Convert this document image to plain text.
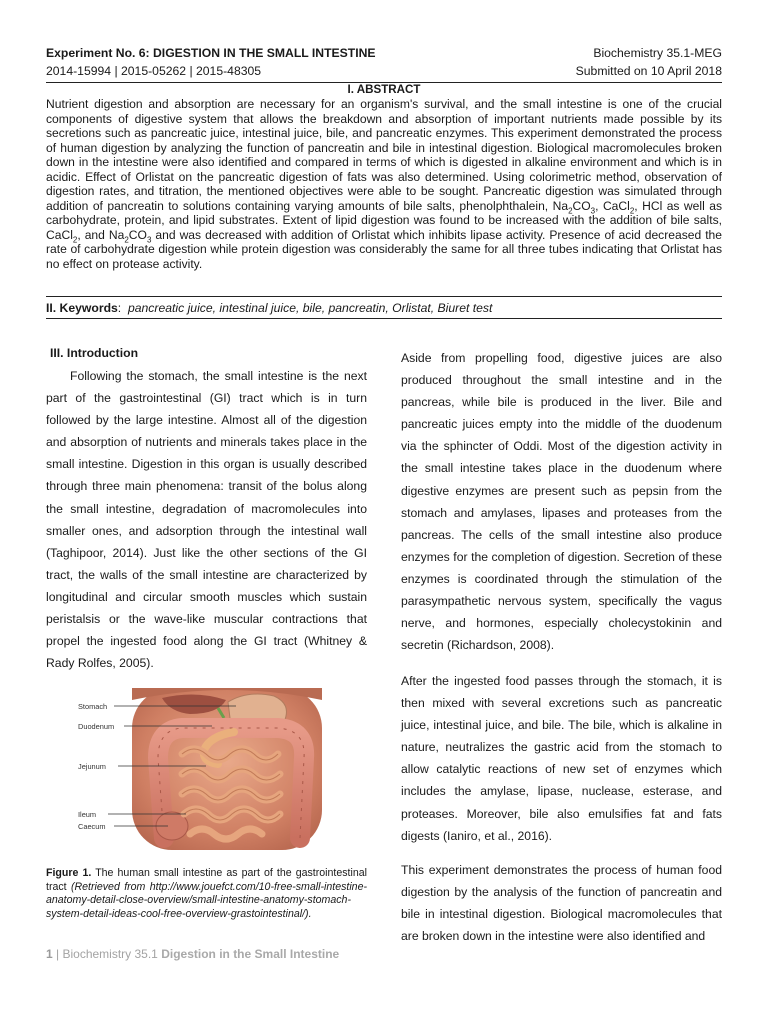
Experiment No. 6: DIGESTION IN THE SMALL INTESTINE	Biochemistry 35.1-MEG
2014-15994 | 2015-05262 | 2015-48305	Submitted on 10 April 2018
I. ABSTRACT

Nutrient digestion and absorption are necessary for an organism's survival, and the small intestine is one of the crucial components of digestive system that allows the breakdown and absorption of important nutrients made possible by its secretions such as pancreatic juice, intestinal juice, bile, and pancreatic enzymes. This experiment demonstrated the process of human digestion by analyzing the function of pancreatin and bile in intestinal digestion. Biological macromolecules broken down in the intestine were also identified and compared in terms of which is digested in alkaline environment and which is in acidic. Effect of Orlistat on the pancreatic digestion of fats was also determined. Using colorimetric method, observation of digestion rates, and titration, the mentioned objectives were able to be sought. Pancreatic digestion was simulated through addition of pancreatin to solutions containing varying amounts of bile salts, phenolphthalein, $Na_2CO_3$, CaCl$_2$, HCl as well as carbohydrate, protein, and lipid substrates. Extent of lipid digestion was found to be increased with the addition of bile salts, CaCl$_2$, and $Na_2CO_3$ and was decreased with addition of Orlistat which inhibits lipase activity. Presence of acid decreased the rate of carbohydrate digestion while protein digestion was considerably the same for all three tubes indicating that Orlistat has no effect on protease activity.

II. Keywords: pancreatic juice, intestinal juice, bile, pancreatin, Orlistat, Biuret test
III. Introduction

Following the stomach, the small intestine is the next part of the gastrointestinal (GI) tract which is in turn followed by the large intestine. Almost all of the digestion and absorption of nutrients and minerals takes place in the small intestine. Digestion in this organ is usually described through three main phenomena: transit of the bolus along the small intestine, degradation of macromolecules into smaller ones, and adsorption through the intestinal wall (Taghipoor, 2014). Just like the other sections of the GI tract, the walls of the small intestine are characterized by longitudinal and circular smooth muscles which sustain peristalsis or the wave-like muscular contractions that propel the ingested food along the GI tract (Whitney & Rady Rolfes, 2005).

Stomach
Duodenum
Jejunum
Ileum
Caecum

Figure 1. The human small intestine as part of the gastrointestinal tract (Retrieved from http://www.jouefct.com/10-free-small-intestine-anatomy-detail-close-overview/small-intestine-anatomy-stomach-system-detail-ideas-cool-free-overview-grastointestinal/).

1 | Biochemistry 35.1 Digestion in the Small Intestine

Aside from propelling food, digestive juices are also produced throughout the small intestine and in the pancreas, while bile is produced in the liver. Bile and pancreatic juices empty into the middle of the duodenum via the sphincter of Oddi. Most of the digestion activity in the small intestine takes place in the duodenum where digestive enzymes are present such as pepsin from the stomach and amylases, lipases and proteases from the pancreas. The cells of the small intestine also produce enzymes for the completion of digestion. Secretion of these enzymes is coordinated through the stimulation of the parasympathetic nervous system, specifically the vagus nerve, and hormones, especially cholecystokinin and secretin (Richardson, 2008).

After the ingested food passes through the stomach, it is then mixed with several excretions such as pancreatic juice, intestinal juice, and bile. The bile, which is alkaline in nature, neutralizes the gastric acid from the stomach to allow catalytic reactions of new set of enzymes which includes the amylase, lipase, nuclease, esterase, and proteases. Moreover, bile also emulsifies fat and fats digests (Ianiro, et al., 2016).

This experiment demonstrates the process of human food digestion by the analysis of the function of pancreatin and bile in intestinal digestion. Biological macromolecules that are broken down in the intestine were also identified and
